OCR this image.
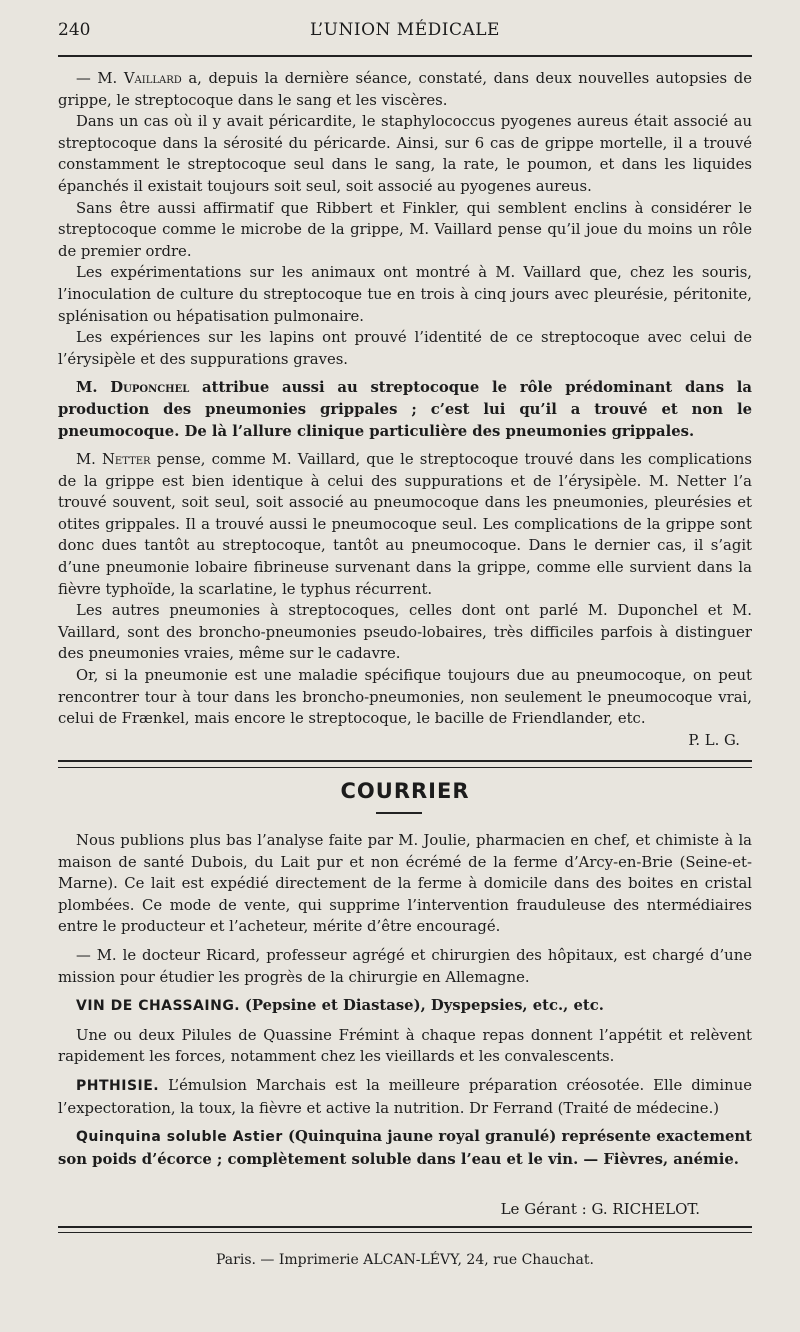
240	L’UNION MÉDICALE

— M. Vaillard a, depuis la dernière séance, constaté, dans deux nouvelles autopsies de grippe, le streptocoque dans le sang et les viscères.

Dans un cas où il y avait péricardite, le staphylococcus pyogenes aureus était associé au streptocoque dans la sérosité du péricarde. Ainsi, sur 6 cas de grippe mortelle, il a trouvé constamment le streptocoque seul dans le sang, la rate, le poumon, et dans les liquides épanchés il existait toujours soit seul, soit associé au pyogenes aureus.

Sans être aussi affirmatif que Ribbert et Finkler, qui semblent enclins à considérer le streptocoque comme le microbe de la grippe, M. Vaillard pense qu’il joue du moins un rôle de premier ordre.

Les expérimentations sur les animaux ont montré à M. Vaillard que, chez les souris, l’inoculation de culture du streptocoque tue en trois à cinq jours avec pleurésie, péritonite, splénisation ou hépatisation pulmonaire.

Les expériences sur les lapins ont prouvé l’identité de ce streptocoque avec celui de l’érysipèle et des suppurations graves.

M. Duponchel attribue aussi au streptocoque le rôle prédominant dans la production des pneumonies grippales ; c’est lui qu’il a trouvé et non le pneumocoque. De là l’allure clinique particulière des pneumonies grippales.

M. Netter pense, comme M. Vaillard, que le streptocoque trouvé dans les complications de la grippe est bien identique à celui des suppurations et de l’érysipèle. M. Netter l’a trouvé souvent, soit seul, soit associé au pneumocoque dans les pneumonies, pleurésies et otites grippales. Il a trouvé aussi le pneumocoque seul. Les complications de la grippe sont donc dues tantôt au streptocoque, tantôt au pneumocoque. Dans le dernier cas, il s’agit d’une pneumonie lobaire fibrineuse survenant dans la grippe, comme elle survient dans la fièvre typhoïde, la scarlatine, le typhus récurrent.

Les autres pneumonies à streptocoques, celles dont ont parlé M. Duponchel et M. Vaillard, sont des broncho-pneumonies pseudo-lobaires, très difficiles parfois à distinguer des pneumonies vraies, même sur le cadavre.

Or, si la pneumonie est une maladie spécifique toujours due au pneumocoque, on peut rencontrer tour à tour dans les broncho-pneumonies, non seulement le pneumocoque vrai, celui de Frænkel, mais encore le streptocoque, le bacille de Friendlander, etc.

P. L. G.
COURRIER

Nous publions plus bas l’analyse faite par M. Joulie, pharmacien en chef, et chimiste à la maison de santé Dubois, du Lait pur et non écrémé de la ferme d’Arcy-en-Brie (Seine-et-Marne). Ce lait est expédié directement de la ferme à domicile dans des boites en cristal plombées. Ce mode de vente, qui supprime l’intervention frauduleuse des ntermédiaires entre le producteur et l’acheteur, mérite d’être encouragé.

— M. le docteur Ricard, professeur agrégé et chirurgien des hôpitaux, est chargé d’une mission pour étudier les progrès de la chirurgie en Allemagne.

VIN DE CHASSAING. (Pepsine et Diastase), Dyspepsies, etc., etc.

Une ou deux Pilules de Quassine Frémint à chaque repas donnent l’appétit et relèvent rapidement les forces, notamment chez les vieillards et les convalescents.

PHTHISIE. L’émulsion Marchais est la meilleure préparation créosotée. Elle diminue l’expectoration, la toux, la fièvre et active la nutrition. Dr Ferrand (Traité de médecine.)

Quinquina soluble Astier (Quinquina jaune royal granulé) représente exactement son poids d’écorce ; complètement soluble dans l’eau et le vin. — Fièvres, anémie.

Le Gérant : G. RICHELOT.
Paris. — Imprimerie ALCAN-LÉVY, 24, rue Chauchat.
